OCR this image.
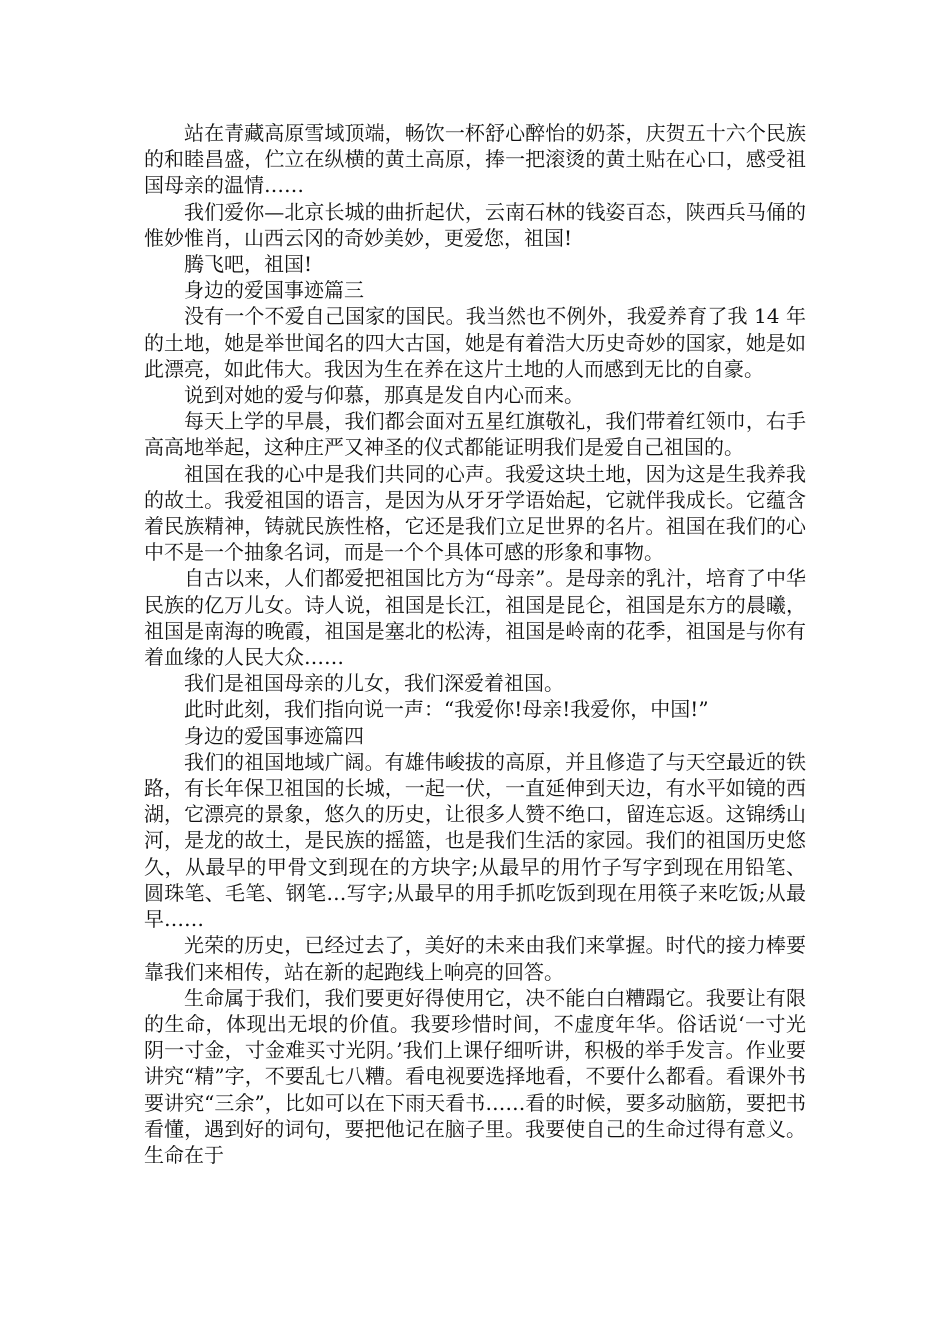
站在青藏高原雪域顶端，畅饮一杯舒心醉怡的奶茶，庆贺五十六个民族的和睦昌盛，伫立在纵横的黄土高原，捧一把滚烫的黄土贴在心口，感受祖国母亲的温情……

我们爱你—北京长城的曲折起伏，云南石林的钱姿百态，陕西兵马俑的惟妙惟肖，山西云冈的奇妙美妙，更爱您，祖国!

腾飞吧，祖国!

身边的爱国事迹篇三

没有一个不爱自己国家的国民。我当然也不例外，我爱养育了我 14 年的土地，她是举世闻名的四大古国，她是有着浩大历史奇妙的国家，她是如此漂亮，如此伟大。我因为生在养在这片土地的人而感到无比的自豪。

说到对她的爱与仰慕，那真是发自内心而来。

每天上学的早晨，我们都会面对五星红旗敬礼，我们带着红领巾，右手高高地举起，这种庄严又神圣的仪式都能证明我们是爱自己祖国的。

祖国在我的心中是我们共同的心声。我爱这块土地，因为这是生我养我的故土。我爱祖国的语言，是因为从牙牙学语始起，它就伴我成长。它蕴含着民族精神，铸就民族性格，它还是我们立足世界的名片。祖国在我们的心中不是一个抽象名词，而是一个个具体可感的形象和事物。

自古以来，人们都爱把祖国比方为“母亲”。是母亲的乳汁，培育了中华民族的亿万儿女。诗人说，祖国是长江，祖国是昆仑，祖国是东方的晨曦，祖国是南海的晚霞，祖国是塞北的松涛，祖国是岭南的花季，祖国是与你有着血缘的人民大众……

我们是祖国母亲的儿女，我们深爱着祖国。

此时此刻，我们指向说一声：“我爱你!母亲!我爱你，中国!”

身边的爱国事迹篇四

我们的祖国地域广阔。有雄伟峻拔的高原，并且修造了与天空最近的铁路，有长年保卫祖国的长城，一起一伏，一直延伸到天边，有水平如镜的西湖，它漂亮的景象，悠久的历史，让很多人赞不绝口，留连忘返。这锦绣山河，是龙的故土，是民族的摇篮，也是我们生活的家园。我们的祖国历史悠久，从最早的甲骨文到现在的方块字;从最早的用竹子写字到现在用铅笔、圆珠笔、毛笔、钢笔…写字;从最早的用手抓吃饭到现在用筷子来吃饭;从最早……

光荣的历史，已经过去了，美好的未来由我们来掌握。时代的接力棒要靠我们来相传，站在新的起跑线上响亮的回答。

生命属于我们，我们要更好得使用它，决不能白白糟蹋它。我要让有限的生命，体现出无垠的价值。我要珍惜时间，不虚度年华。俗话说‘一寸光阴一寸金，寸金难买寸光阴。’我们上课仔细听讲，积极的举手发言。作业要讲究“精”字，不要乱七八糟。看电视要选择地看，不要什么都看。看课外书要讲究“三余”，比如可以在下雨天看书……看的时候，要多动脑筋，要把书看懂，遇到好的词句，要把他记在脑子里。我要使自己的生命过得有意义。生命在于
